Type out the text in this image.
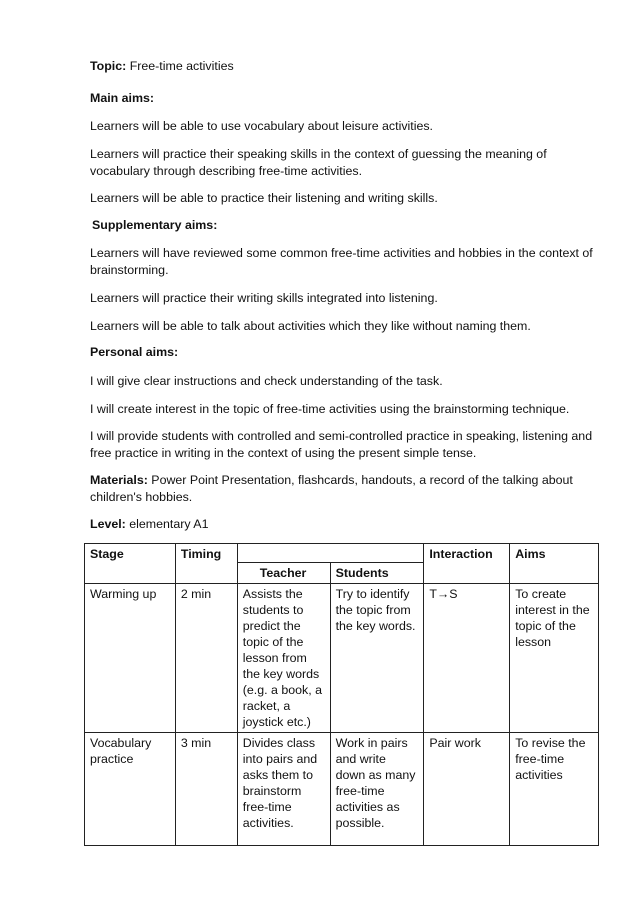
Topic: Free-time activities

Main aims:

Learners will be able to use vocabulary about leisure activities.

Learners will practice their speaking skills in the context of guessing the meaning of vocabulary through describing free-time activities.

Learners will be able to practice their listening and writing skills.

Supplementary aims:

Learners will have reviewed some common free-time activities and hobbies in the context of brainstorming.

Learners will practice their writing skills integrated into listening.

Learners will be able to talk about activities which they like without naming them.

Personal aims:

I will give clear instructions and check understanding of the task.

I will create interest in the topic of free-time activities using the brainstorming technique.

I will provide students with controlled and semi-controlled practice in speaking, listening and free practice in writing in the context of using the present simple tense.

Materials: Power Point Presentation, flashcards, handouts, a record of the talking about children's hobbies.

Level: elementary A1

Stage	Timing			Interaction	Aims
		Teacher	Students		
Warming up	2 min	Assists the students to predict the topic of the lesson from the key words (e.g. a book, a racket, a joystick etc.)	Try to identify the topic from the key words.	T→S	To create interest in the topic of the lesson
Vocabulary practice	3 min	Divides class into pairs and asks them to brainstorm free-time activities.	Work in pairs and write down as many free-time activities as possible.	Pair work	To revise the free-time activities
